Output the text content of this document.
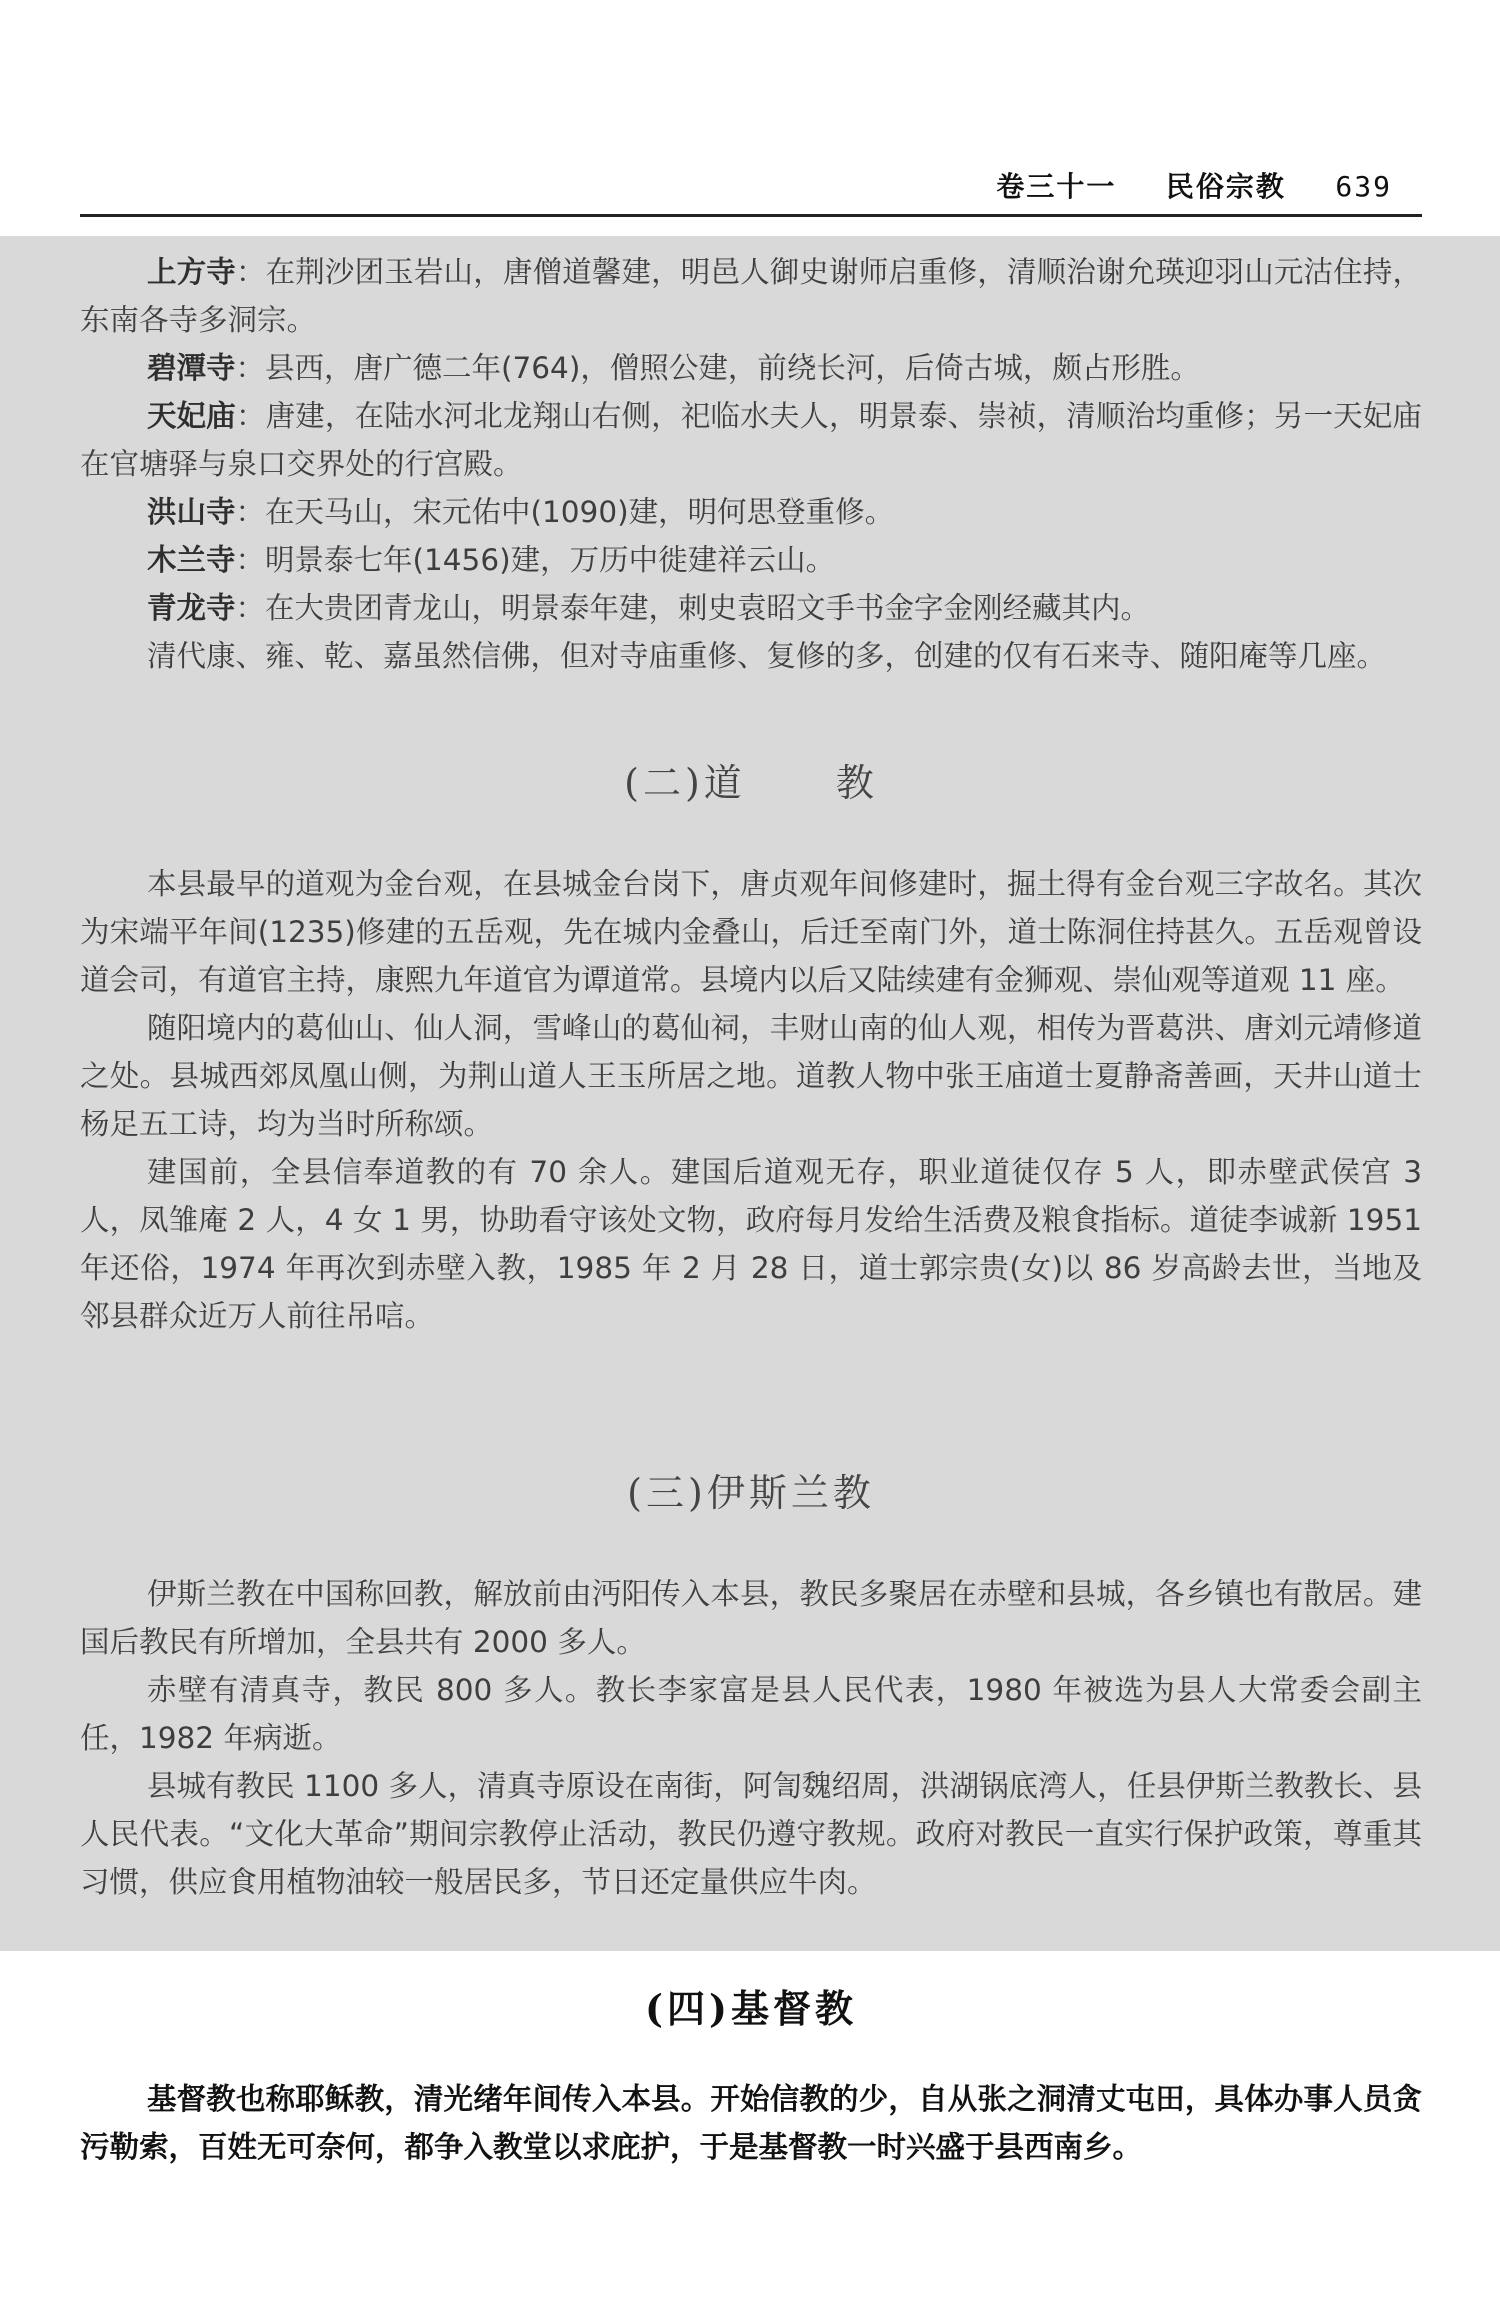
卷三十一 民俗宗教 639

上方寺：在荆沙团玉岩山，唐僧道馨建，明邑人御史谢师启重修，清顺治谢允瑛迎羽山元沽住持，东南各寺多洞宗。

碧潭寺：县西，唐广德二年(764)，僧照公建，前绕长河，后倚古城，颇占形胜。

天妃庙：唐建，在陆水河北龙翔山右侧，祀临水夫人，明景泰、崇祯，清顺治均重修；另一天妃庙在官塘驿与泉口交界处的行宫殿。

洪山寺：在天马山，宋元佑中(1090)建，明何思登重修。

木兰寺：明景泰七年(1456)建，万历中徙建祥云山。

青龙寺：在大贵团青龙山，明景泰年建，刺史袁昭文手书金字金刚经藏其内。

清代康、雍、乾、嘉虽然信佛，但对寺庙重修、复修的多，创建的仅有石来寺、随阳庵等几座。

(二)道 教

本县最早的道观为金台观，在县城金台岗下，唐贞观年间修建时，掘土得有金台观三字故名。其次为宋端平年间(1235)修建的五岳观，先在城内金叠山，后迁至南门外，道士陈洞住持甚久。五岳观曾设道会司，有道官主持，康熙九年道官为谭道常。县境内以后又陆续建有金狮观、崇仙观等道观 11 座。

随阳境内的葛仙山、仙人洞，雪峰山的葛仙祠，丰财山南的仙人观，相传为晋葛洪、唐刘元靖修道之处。县城西郊凤凰山侧，为荆山道人王玉所居之地。道教人物中张王庙道士夏静斋善画，天井山道士杨足五工诗，均为当时所称颂。

建国前，全县信奉道教的有 70 余人。建国后道观无存，职业道徒仅存 5 人，即赤壁武侯宫 3 人，凤雏庵 2 人，4 女 1 男，协助看守该处文物，政府每月发给生活费及粮食指标。道徒李诚新 1951 年还俗，1974 年再次到赤壁入教，1985 年 2 月 28 日，道士郭宗贵(女)以 86 岁高龄去世，当地及邻县群众近万人前往吊唁。

(三)伊斯兰教

伊斯兰教在中国称回教，解放前由沔阳传入本县，教民多聚居在赤壁和县城，各乡镇也有散居。建国后教民有所增加，全县共有 2000 多人。

赤壁有清真寺，教民 800 多人。教长李家富是县人民代表，1980 年被选为县人大常委会副主任，1982 年病逝。

县城有教民 1100 多人，清真寺原设在南街，阿訇魏绍周，洪湖锅底湾人，任县伊斯兰教教长、县人民代表。“文化大革命”期间宗教停止活动，教民仍遵守教规。政府对教民一直实行保护政策，尊重其习惯，供应食用植物油较一般居民多，节日还定量供应牛肉。

(四)基督教

基督教也称耶稣教，清光绪年间传入本县。开始信教的少，自从张之洞清丈屯田，具体办事人员贪污勒索，百姓无可奈何，都争入教堂以求庇护，于是基督教一时兴盛于县西南乡。
